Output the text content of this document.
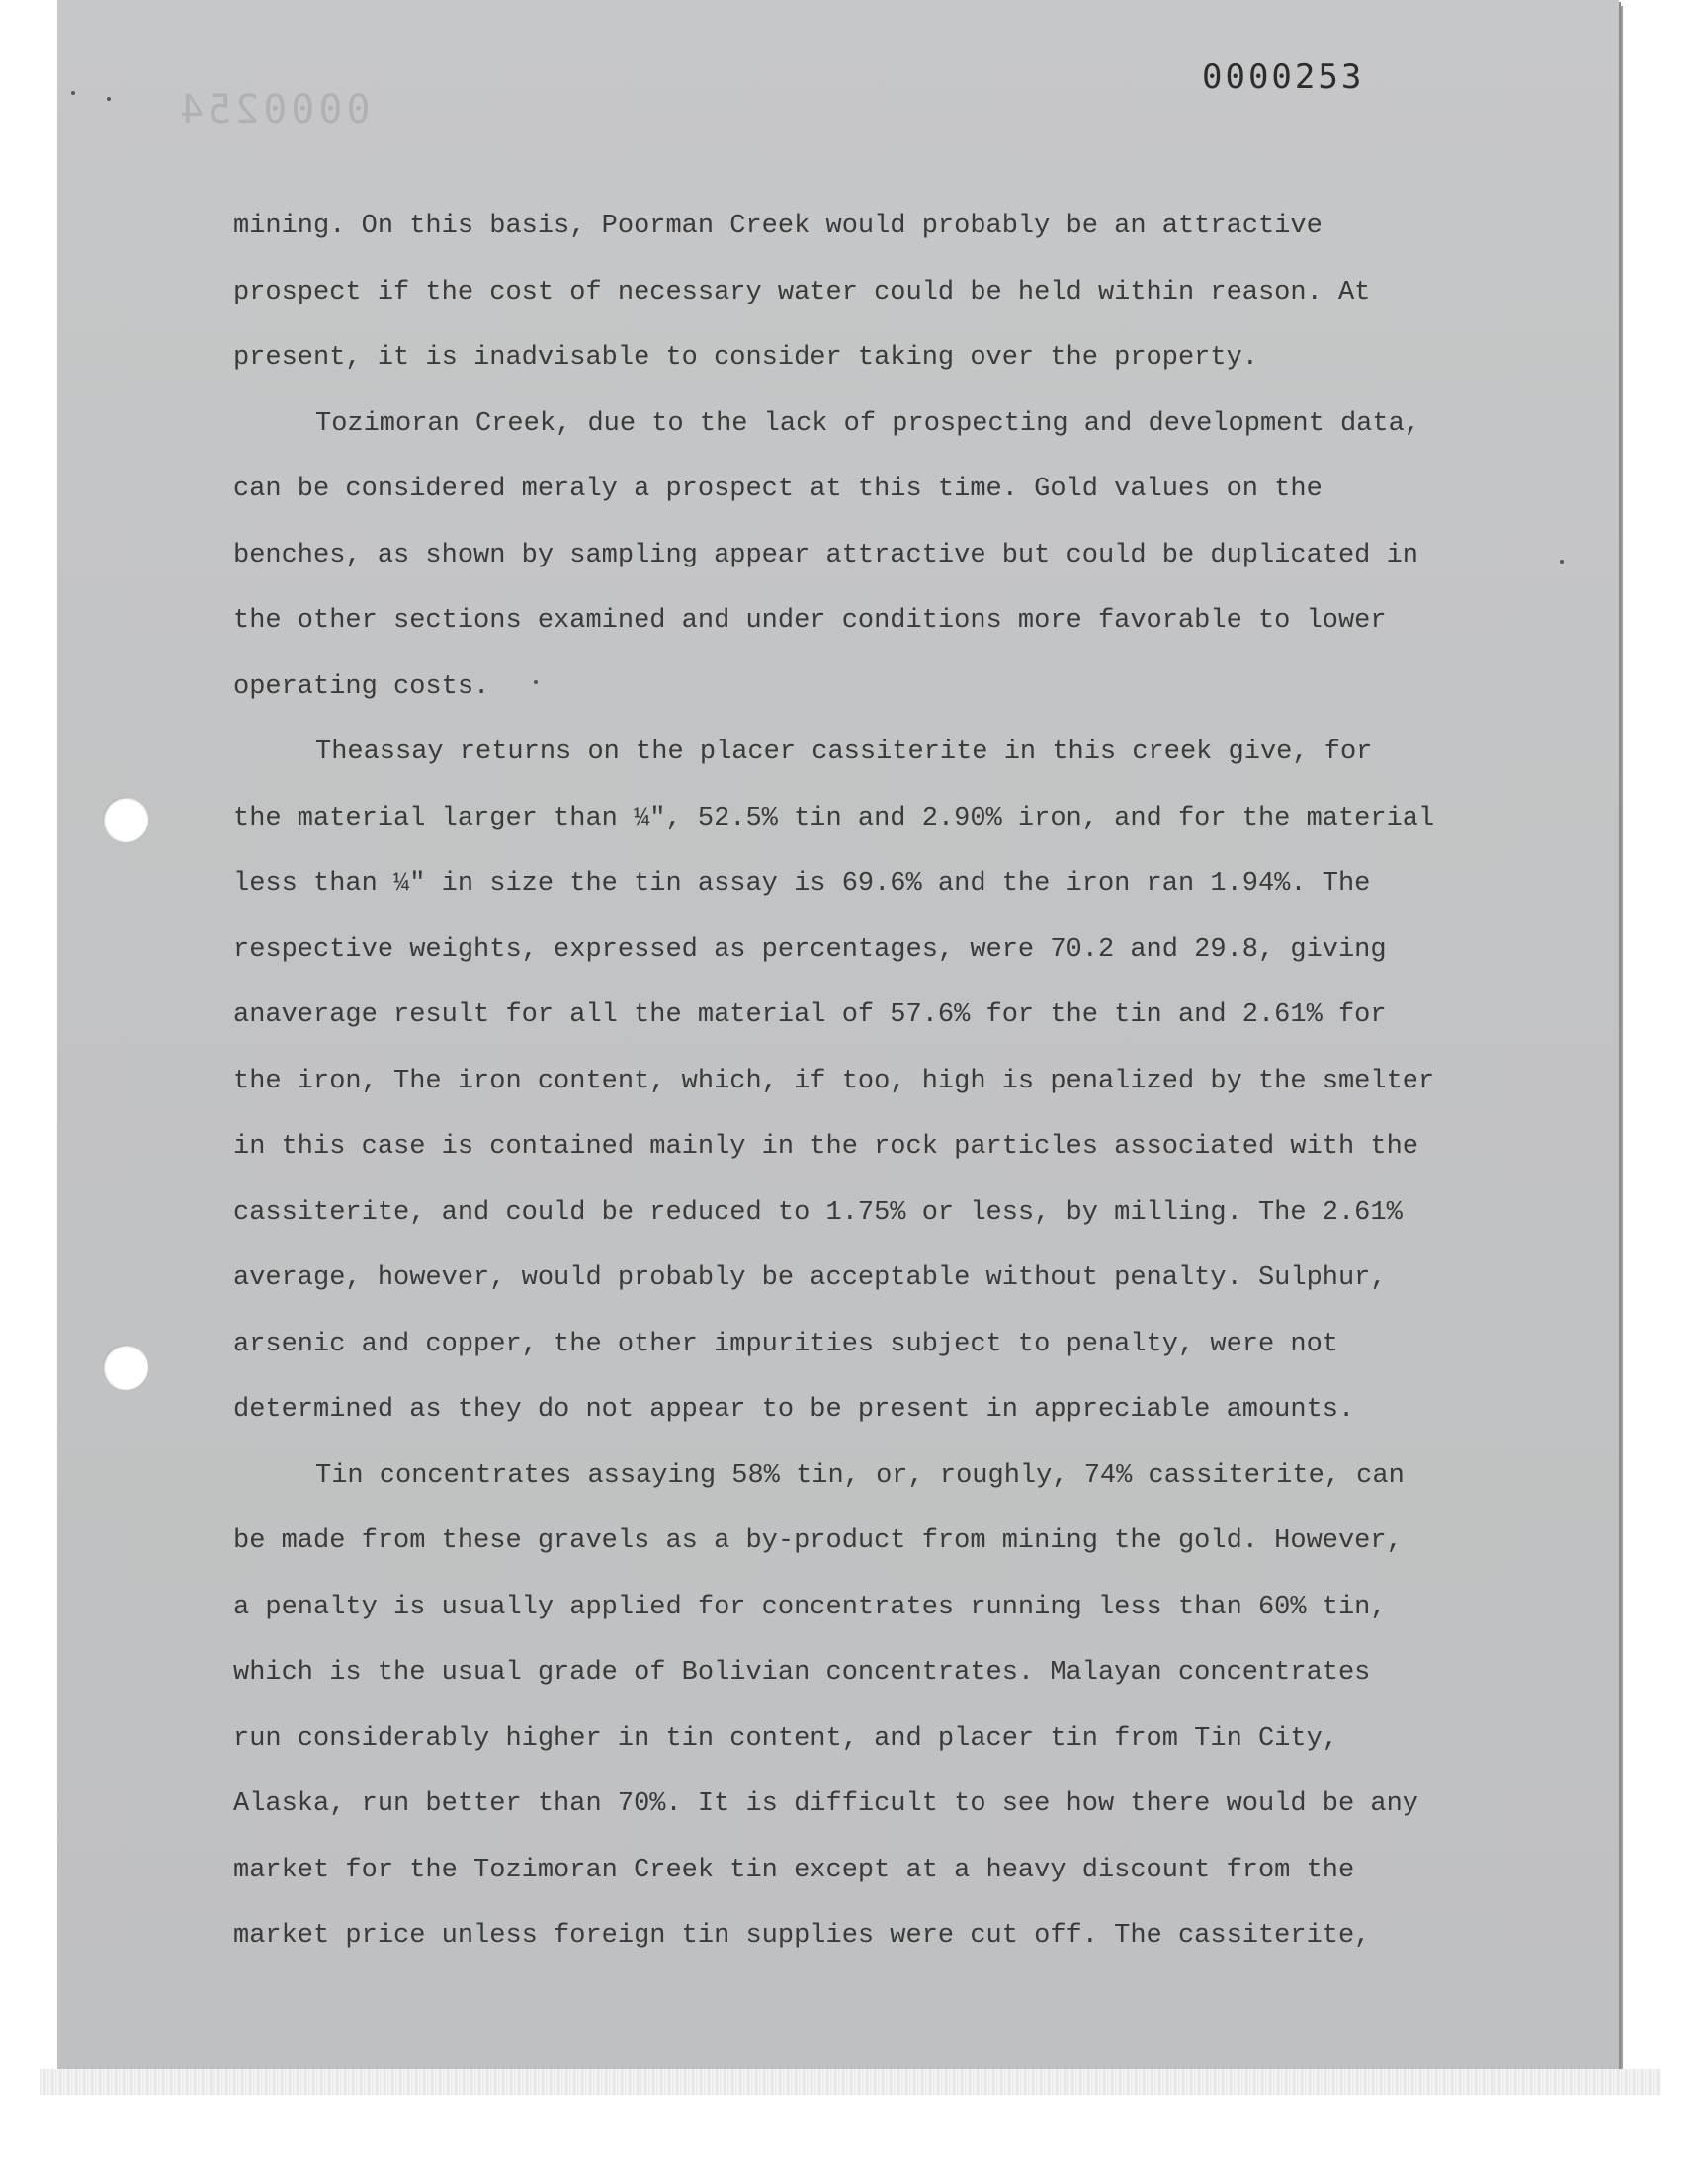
0000254
0000253
mining. On this basis, Poorman Creek would probably be an attractive
prospect if the cost of necessary water could be held within reason. At
present, it is inadvisable to consider taking over the property.
Tozimoran Creek, due to the lack of prospecting and development data,
can be considered meraly a prospect at this time. Gold values on the
benches, as shown by sampling appear attractive but could be duplicated in
the other sections examined and under conditions more favorable to lower
operating costs.
Theassay returns on the placer cassiterite in this creek give, for
the material larger than ¼", 52.5% tin and 2.90% iron, and for the material
less than ¼" in size the tin assay is 69.6% and the iron ran 1.94%. The
respective weights, expressed as percentages, were 70.2 and 29.8, giving
anaverage result for all the material of 57.6% for the tin and 2.61% for
the iron, The iron content, which, if too, high is penalized by the smelter
in this case is contained mainly in the rock particles associated with the
cassiterite, and could be reduced to 1.75% or less, by milling. The 2.61%
average, however, would probably be acceptable without penalty. Sulphur,
arsenic and copper, the other impurities subject to penalty, were not
determined as they do not appear to be present in appreciable amounts.
Tin concentrates assaying 58% tin, or, roughly, 74% cassiterite, can
be made from these gravels as a by-product from mining the gold. However,
a penalty is usually applied for concentrates running less than 60% tin,
which is the usual grade of Bolivian concentrates. Malayan concentrates
run considerably higher in tin content, and placer tin from Tin City,
Alaska, run better than 70%. It is difficult to see how there would be any
market for the Tozimoran Creek tin except at a heavy discount from the
market price unless foreign tin supplies were cut off. The cassiterite,
